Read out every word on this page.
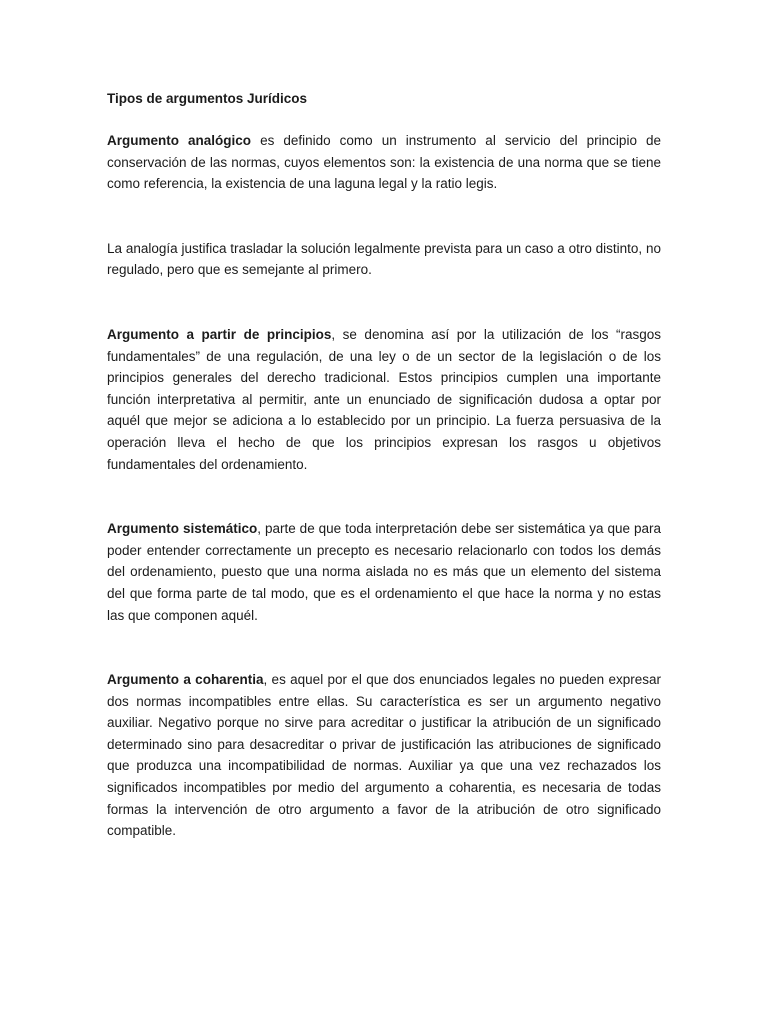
Tipos de argumentos Jurídicos

Argumento analógico es definido como un instrumento al servicio del principio de conservación de las normas, cuyos elementos son: la existencia de una norma que se tiene como referencia, la existencia de una laguna legal y la ratio legis.

La analogía justifica trasladar la solución legalmente prevista para un caso a otro distinto, no regulado, pero que es semejante al primero.

Argumento a partir de principios, se denomina así por la utilización de los “rasgos fundamentales” de una regulación, de una ley o de un sector de la legislación o de los principios generales del derecho tradicional. Estos principios cumplen una importante función interpretativa al permitir, ante un enunciado de significación dudosa a optar por aquél que mejor se adiciona a lo establecido por un principio. La fuerza persuasiva de la operación lleva el hecho de que los principios expresan los rasgos u objetivos fundamentales del ordenamiento.

Argumento sistemático, parte de que toda interpretación debe ser sistemática ya que para poder entender correctamente un precepto es necesario relacionarlo con todos los demás del ordenamiento, puesto que una norma aislada no es más que un elemento del sistema del que forma parte de tal modo, que es el ordenamiento el que hace la norma y no estas las que componen aquél.

Argumento a coharentia, es aquel por el que dos enunciados legales no pueden expresar dos normas incompatibles entre ellas. Su característica es ser un argumento negativo auxiliar. Negativo porque no sirve para acreditar o justificar la atribución de un significado determinado sino para desacreditar o privar de justificación las atribuciones de significado que produzca una incompatibilidad de normas. Auxiliar ya que una vez rechazados los significados incompatibles por medio del argumento a coharentia, es necesaria de todas formas la intervención de otro argumento a favor de la atribución de otro significado compatible.
